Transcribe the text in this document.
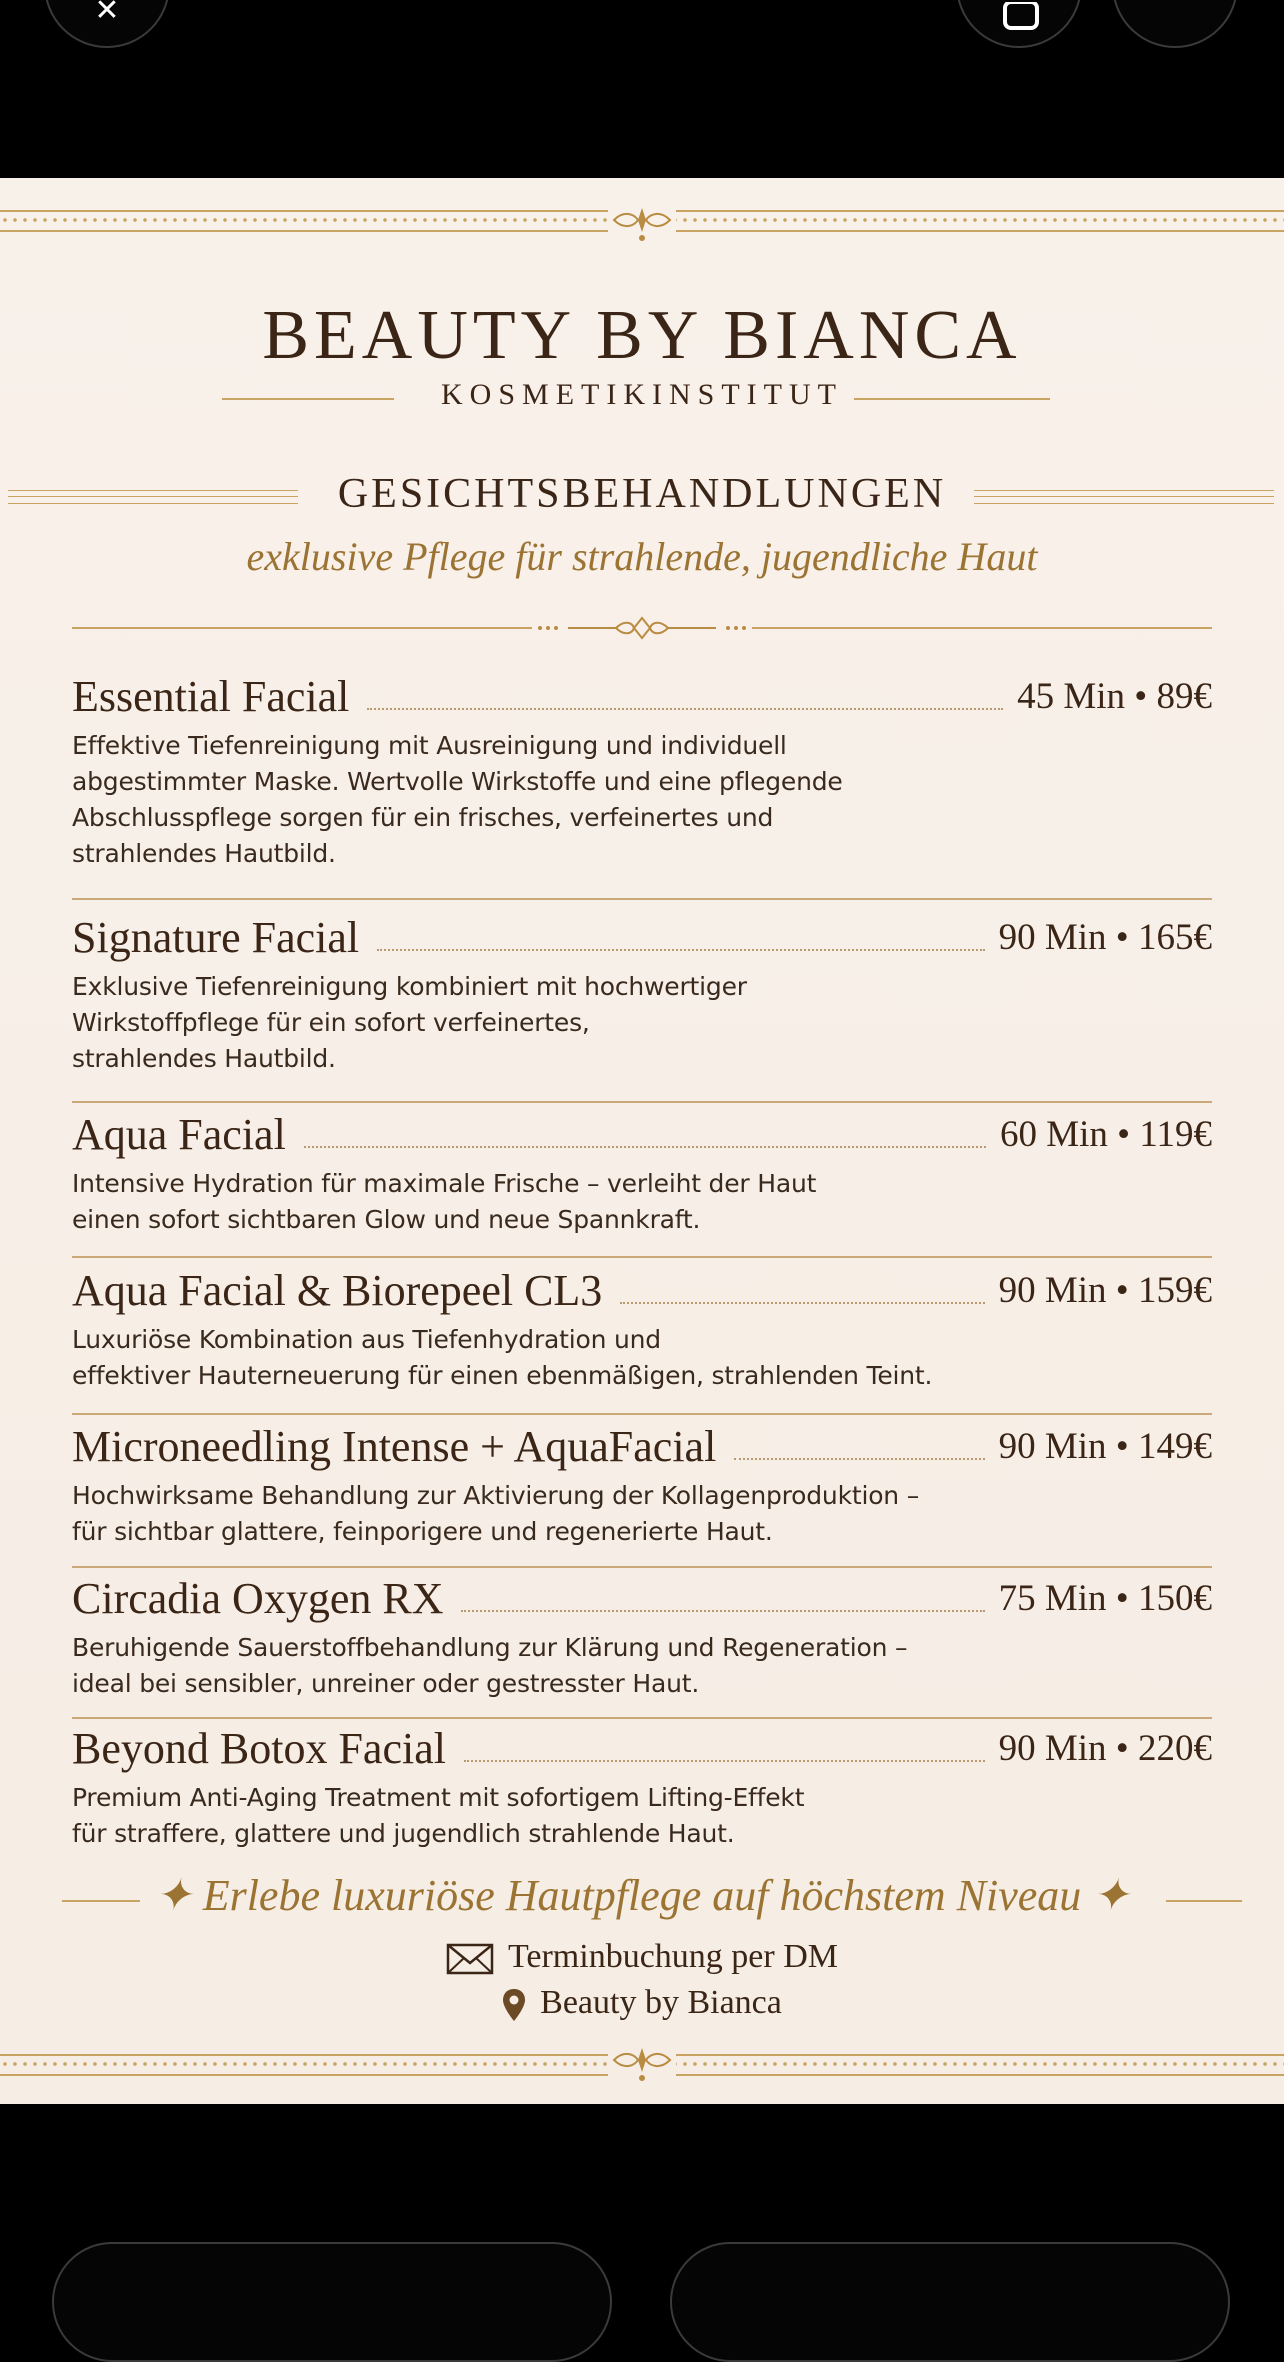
✕
BEAUTY BY BIANCA
KOSMETIKINSTITUT
GESICHTSBEHANDLUNGEN
exklusive Pflege für strahlende, jugendliche Haut
Essential Facial	45 Min • 89€
Effektive Tiefenreinigung mit Ausreinigung und individuell
abgestimmter Maske. Wertvolle Wirkstoffe und eine pflegende
Abschlusspflege sorgen für ein frisches, verfeinertes und
strahlendes Hautbild.
Signature Facial	90 Min • 165€
Exklusive Tiefenreinigung kombiniert mit hochwertiger
Wirkstoffpflege für ein sofort verfeinertes,
strahlendes Hautbild.
Aqua Facial	60 Min • 119€
Intensive Hydration für maximale Frische – verleiht der Haut
einen sofort sichtbaren Glow und neue Spannkraft.
Aqua Facial & Biorepeel CL3	90 Min • 159€
Luxuriöse Kombination aus Tiefenhydration und
effektiver Hauterneuerung für einen ebenmäßigen, strahlenden Teint.
Microneedling Intense + AquaFacial	90 Min • 149€
Hochwirksame Behandlung zur Aktivierung der Kollagenproduktion –
für sichtbar glattere, feinporigere und regenerierte Haut.
Circadia Oxygen RX	75 Min • 150€
Beruhigende Sauerstoffbehandlung zur Klärung und Regeneration –
ideal bei sensibler, unreiner oder gestresster Haut.
Beyond Botox Facial	90 Min • 220€
Premium Anti-Aging Treatment mit sofortigem Lifting-Effekt
für straffere, glattere und jugendlich strahlende Haut.
✦ Erlebe luxuriöse Hautpflege auf höchstem Niveau ✦
Terminbuchung per DM
Beauty by Bianca
